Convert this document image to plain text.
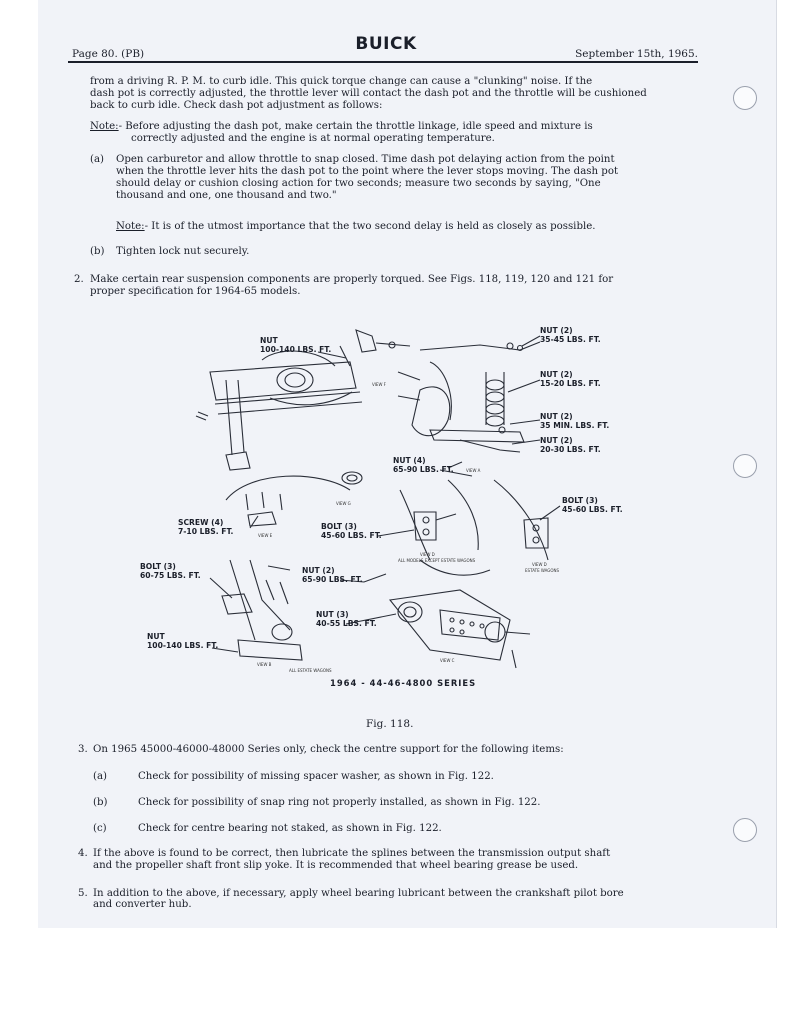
Page 80. (PB)	BUICK	September 15th, 1965.
from a driving R. P. M. to curb idle. This quick torque change can cause a "clunking" noise. If the
dash pot is correctly adjusted, the throttle lever will contact the dash pot and the throttle will be cushioned
back to curb idle. Check dash pot adjustment as follows:
Note:- Before adjusting the dash pot, make certain the throttle linkage, idle speed and mixture is
correctly adjusted and the engine is at normal operating temperature.
(a) Open carburetor and allow throttle to snap closed. Time dash pot delaying action from the point
when the throttle lever hits the dash pot to the point where the lever stops moving. The dash pot
should delay or cushion closing action for two seconds; measure two seconds by saying, "One
thousand and one, one thousand and two."
Note:- It is of the utmost importance that the two second delay is held as closely as possible.
(b) Tighten lock nut securely.
2. Make certain rear suspension components are properly torqued. See Figs. 118, 119, 120 and 121 for
proper specification for 1964-65 models.
NUT
100-140 LBS. FT.
NUT (2)
35-45 LBS. FT.
NUT (2)
15-20 LBS. FT.
NUT (2)
35 MIN. LBS. FT.
NUT (2)
20-30 LBS. FT.
NUT (4)
65-90 LBS. FT.
BOLT (3)
45-60 LBS. FT.
SCREW (4)
7-10 LBS. FT.
BOLT (3)
45-60 LBS. FT.
BOLT (3)
60-75 LBS. FT.
NUT (2)
65-90 LBS. FT.
NUT (3)
40-55 LBS. FT.
NUT
100-140 LBS. FT.
VIEW F
VIEW G
VIEW A
VIEW E
VIEW D
ALL MODELS EXCEPT ESTATE WAGONS
VIEW D
ESTATE WAGONS
VIEW B
ALL ESTATE WAGONS
VIEW C
1964 - 44-46-4800 SERIES
Fig. 118.
3. On 1965 45000-46000-48000 Series only, check the centre support for the following items:
(a)	Check for possibility of missing spacer washer, as shown in Fig. 122.
(b)	Check for possibility of snap ring not properly installed, as shown in Fig. 122.
(c)	Check for centre bearing not staked, as shown in Fig. 122.
4. If the above is found to be correct, then lubricate the splines between the transmission output shaft
and the propeller shaft front slip yoke. It is recommended that wheel bearing grease be used.
5. In addition to the above, if necessary, apply wheel bearing lubricant between the crankshaft pilot bore
and converter hub.
